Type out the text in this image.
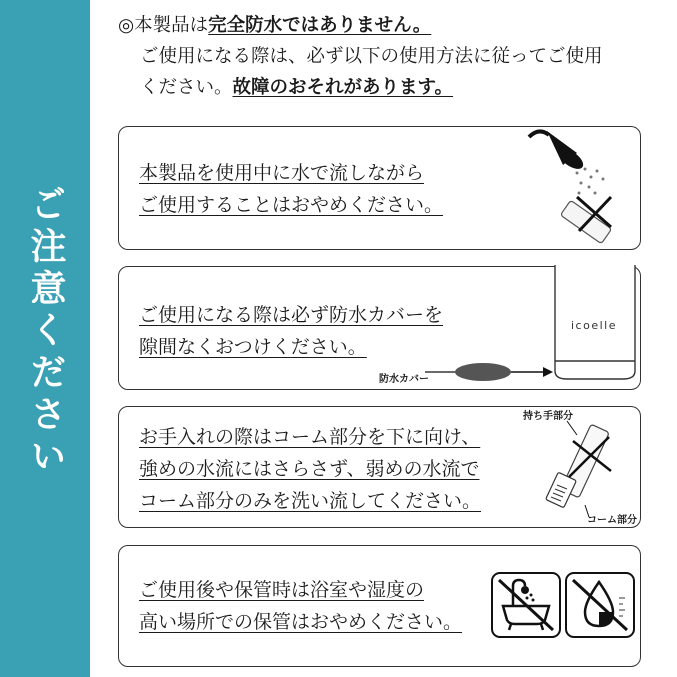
ご注意ください
◎本製品は完全防水ではありません。
ご使用になる際は、必ず以下の使用方法に従ってご使用
ください。故障のおそれがあります。
本製品を使用中に水で流しながら
ご使用することはおやめください。
ご使用になる際は必ず防水カバーを
隙間なくおつけください。
防水カバー
icoelle
お手入れの際はコーム部分を下に向け、
強めの水流にはさらさず、弱めの水流で
コーム部分のみを洗い流してください。
持ち手部分
コーム部分
ご使用後や保管時は浴室や湿度の
高い場所での保管はおやめください。
